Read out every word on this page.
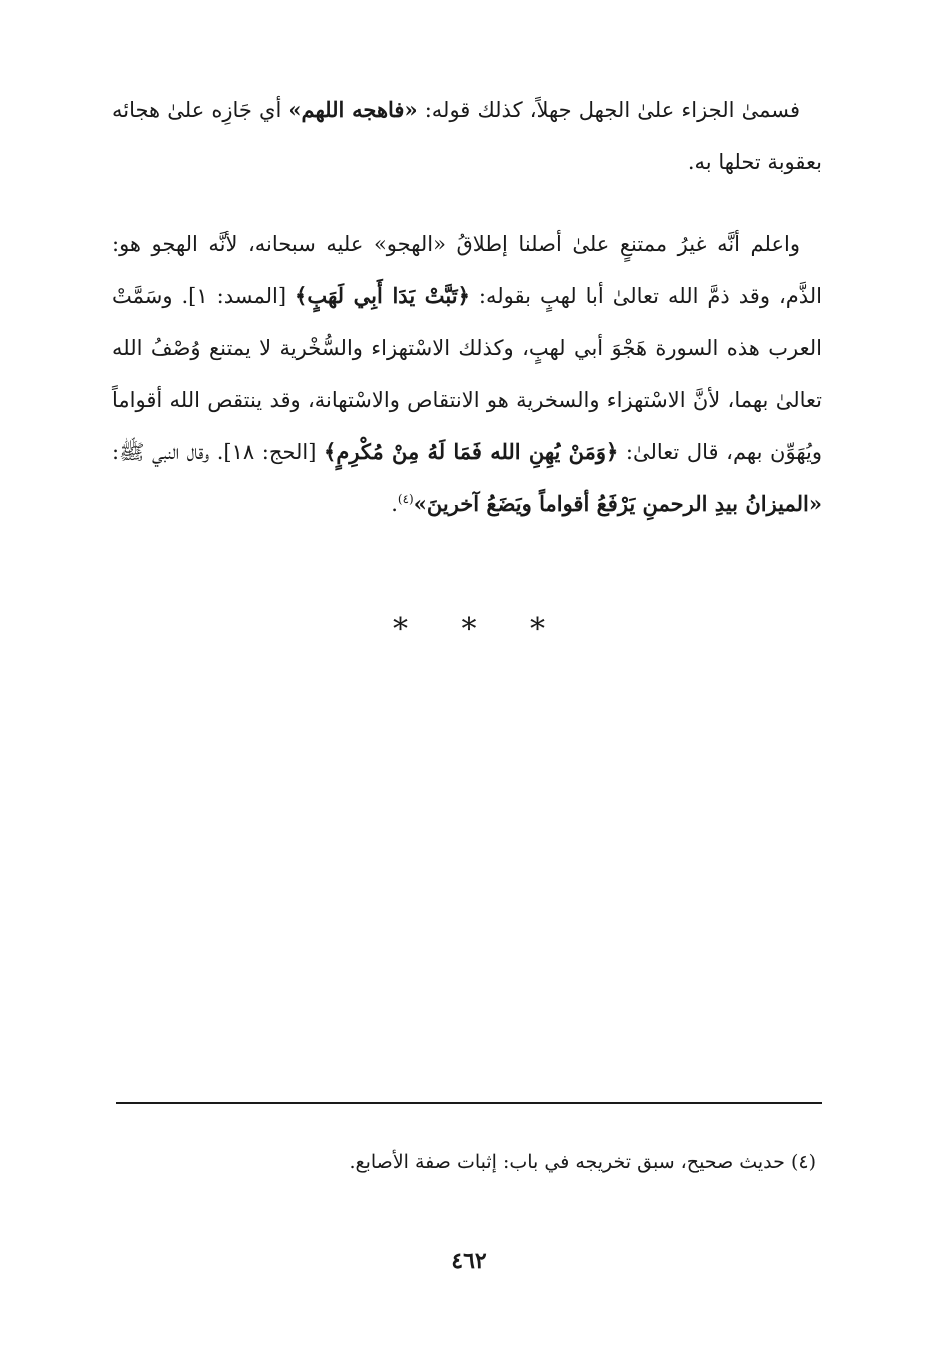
فسمىٰ الجزاء علىٰ الجهل جهلاً، كذلك قوله: «فاهجه اللهم» أي جَازِه علىٰ هجائه بعقوبة تحلها به.

واعلم أنَّه غيرُ ممتنعٍ علىٰ أصلنا إطلاقُ «الهجو» عليه سبحانه، لأنَّه الهجو هو: الذَّم، وقد ذمَّ الله تعالىٰ أبا لهبٍ بقوله: ﴿تَبَّتْ يَدَا أَبِي لَهَبٍ﴾ [المسد: ١]. وسَمَّتْ العرب هذه السورة هَجْوَ أبي لهبٍ، وكذلك الاسْتهزاء والسُّخْرية لا يمتنع وُصْفُ الله تعالىٰ بهما، لأنَّ الاسْتهزاء والسخرية هو الانتقاص والاسْتهانة، وقد ينتقص الله أقواماً ويُهَوِّن بهم، قال تعالىٰ: ﴿وَمَنْ يُهِنِ الله فَمَا لَهُ مِنْ مُكْرِمٍ﴾ [الحج: ١٨]. وقال النبي ﷺ: «الميزانُ بيدِ الرحمنِ يَرْفَعُ أقواماً ويَضَعُ آخرينَ»$^{(٤)}$.

* * *
(٤) حديث صحيح، سبق تخريجه في باب: إثبات صفة الأصابع.
٤٦٢
